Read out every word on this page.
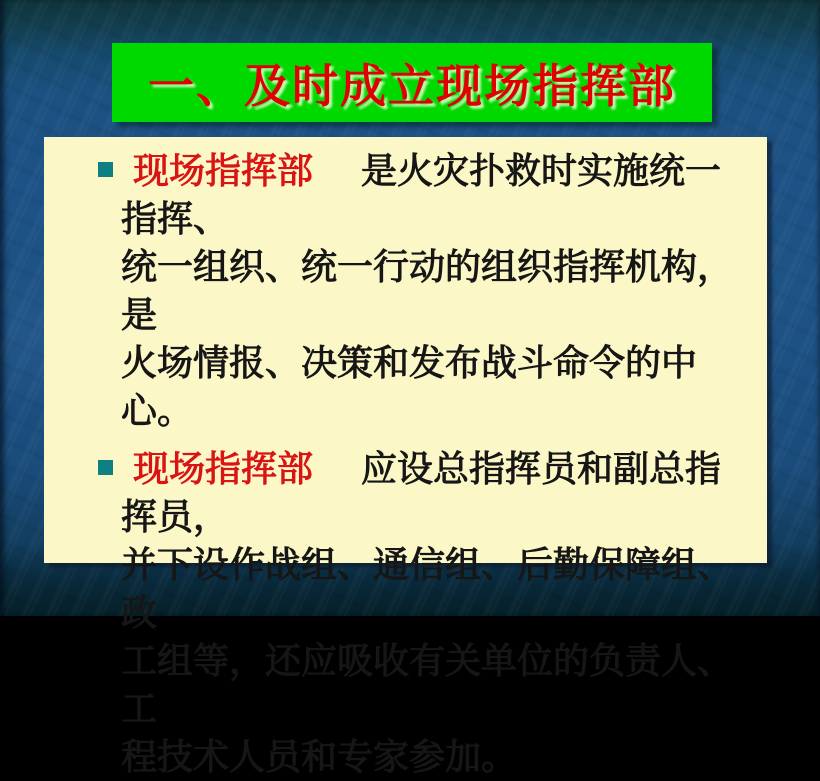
一、及时成立现场指挥部
现场指挥部 是火灾扑救时实施统一指挥、
统一组织、统一行动的组织指挥机构，是
火场情报、决策和发布战斗命令的中心。
现场指挥部 应设总指挥员和副总指挥员，
并下设作战组、通信组、后勤保障组、政
工组等，还应吸收有关单位的负责人、工
程技术人员和专家参加。
